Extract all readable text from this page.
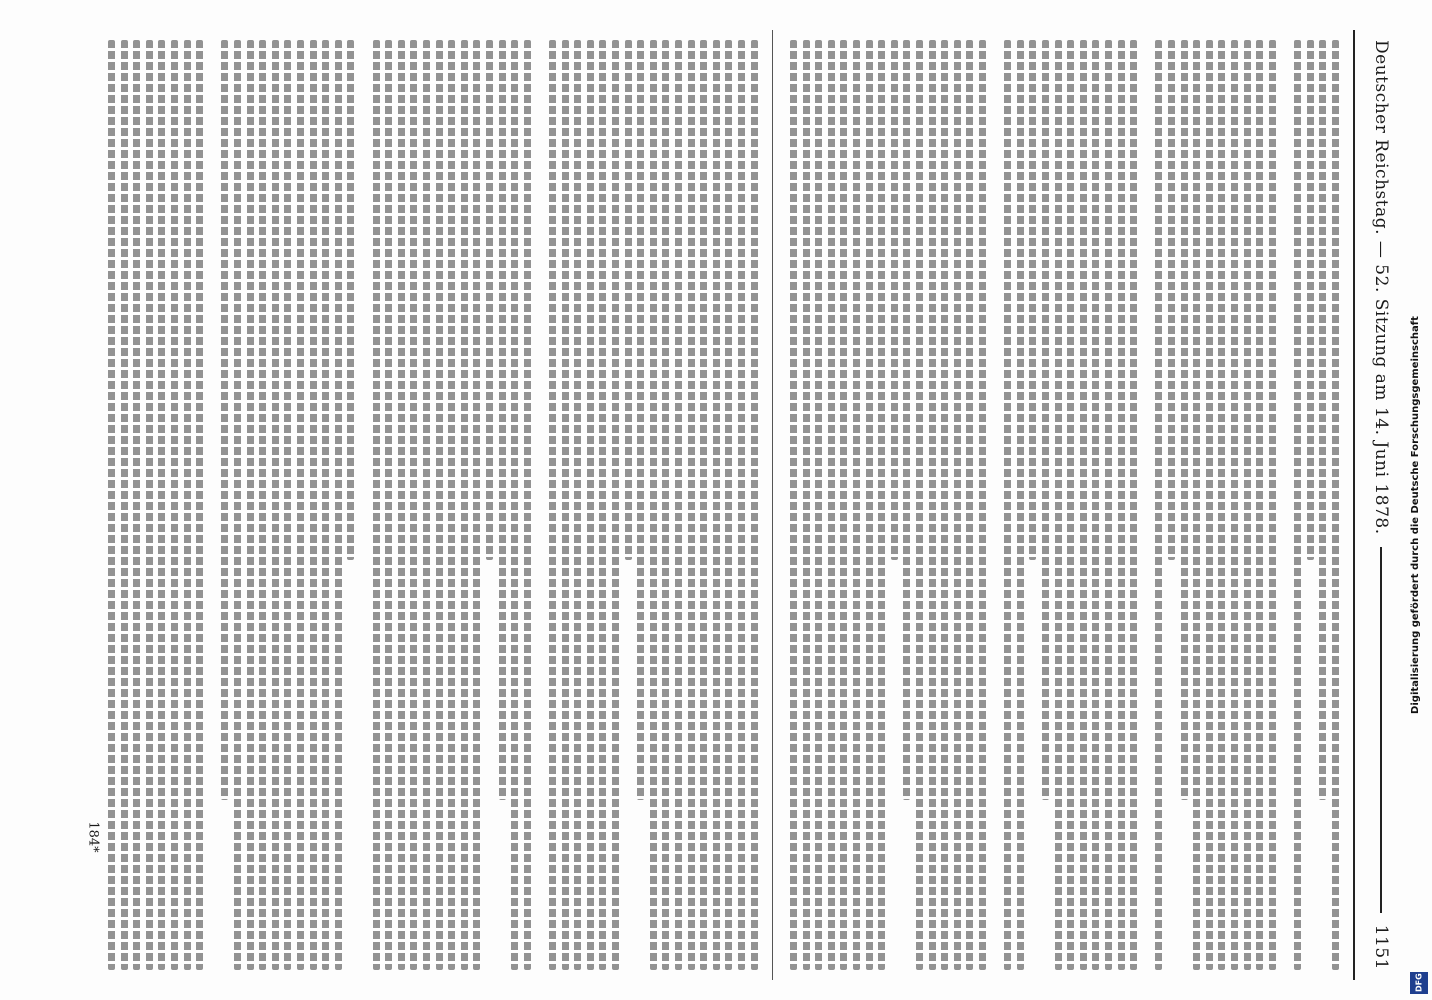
Deutscher Reichstag. — 52. Sitzung am 14. Juni 1878.
1151
184*
Digitalisierung gefördert durch die Deutsche Forschungsgemeinschaft
DFG
